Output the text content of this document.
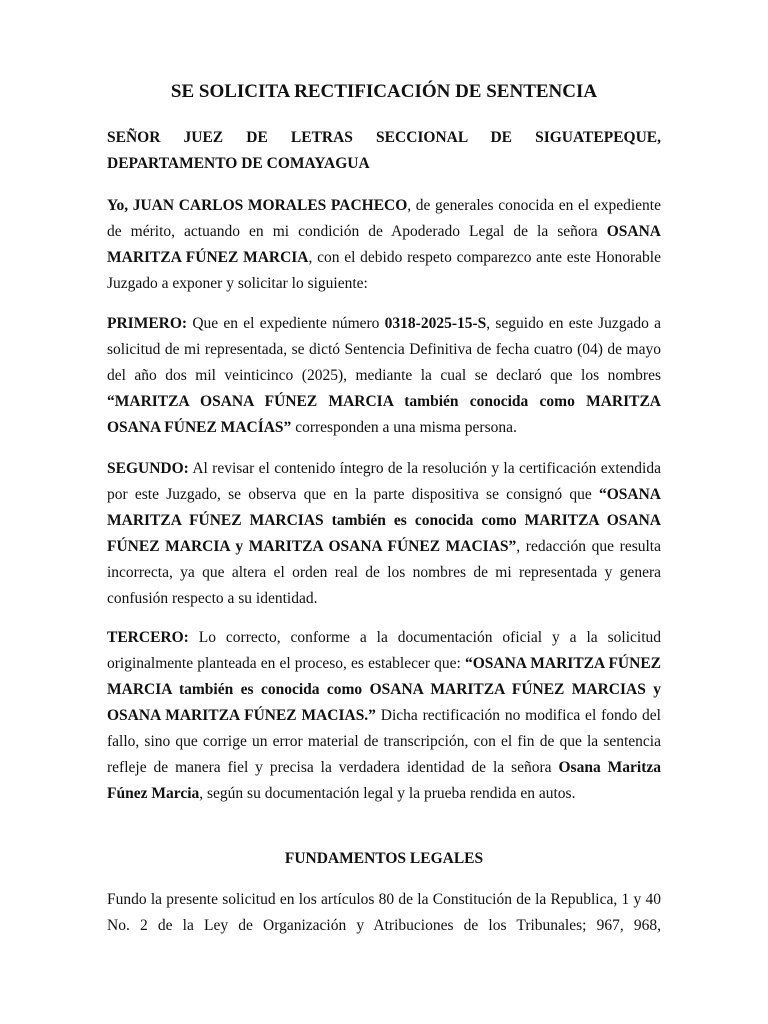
SE SOLICITA RECTIFICACIÓN DE SENTENCIA

SEÑOR JUEZ DE LETRAS SECCIONAL DE SIGUATEPEQUE,
DEPARTAMENTO DE COMAYAGUA

Yo, JUAN CARLOS MORALES PACHECO, de generales conocida en el expediente de mérito, actuando en mi condición de Apoderado Legal de la señora OSANA MARITZA FÚNEZ MARCIA, con el debido respeto comparezco ante este Honorable Juzgado a exponer y solicitar lo siguiente:

PRIMERO: Que en el expediente número 0318-2025-15-S, seguido en este Juzgado a solicitud de mi representada, se dictó Sentencia Definitiva de fecha cuatro (04) de mayo del año dos mil veinticinco (2025), mediante la cual se declaró que los nombres “MARITZA OSANA FÚNEZ MARCIA también conocida como MARITZA OSANA FÚNEZ MACÍAS” corresponden a una misma persona.

SEGUNDO: Al revisar el contenido íntegro de la resolución y la certificación extendida por este Juzgado, se observa que en la parte dispositiva se consignó que “OSANA MARITZA FÚNEZ MARCIAS también es conocida como MARITZA OSANA FÚNEZ MARCIA y MARITZA OSANA FÚNEZ MACIAS”, redacción que resulta incorrecta, ya que altera el orden real de los nombres de mi representada y genera confusión respecto a su identidad.

TERCERO: Lo correcto, conforme a la documentación oficial y a la solicitud originalmente planteada en el proceso, es establecer que: “OSANA MARITZA FÚNEZ MARCIA también es conocida como OSANA MARITZA FÚNEZ MARCIAS y OSANA MARITZA FÚNEZ MACIAS.” Dicha rectificación no modifica el fondo del fallo, sino que corrige un error material de transcripción, con el fin de que la sentencia refleje de manera fiel y precisa la verdadera identidad de la señora Osana Maritza Fúnez Marcia, según su documentación legal y la prueba rendida en autos.

FUNDAMENTOS LEGALES

Fundo la presente solicitud en los artículos 80 de la Constitución de la Republica, 1 y 40 No. 2 de la Ley de Organización y Atribuciones de los Tribunales; 967, 968,
